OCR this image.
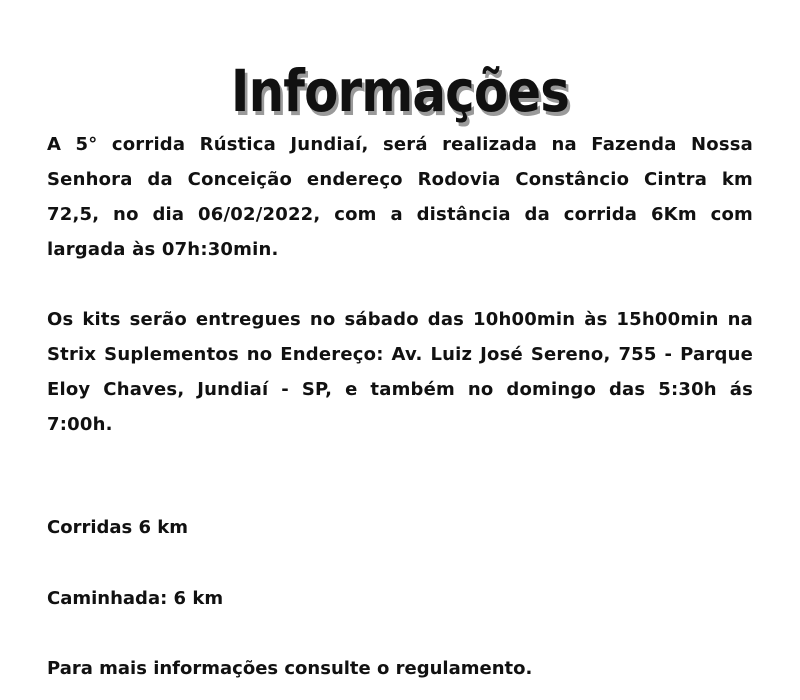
Informações

A 5° corrida Rústica Jundiaí, será realizada na Fazenda Nossa Senhora da Conceição endereço Rodovia Constâncio Cintra km 72,5, no dia 06/02/2022, com a distância da corrida 6Km com largada às 07h:30min.

Os kits serão entregues no sábado das 10h00min às 15h00min na Strix Suplementos no Endereço: Av. Luiz José Sereno, 755 - Parque Eloy Chaves, Jundiaí - SP, e também no domingo das 5:30h ás 7:00h.

Corridas 6 km
Caminhada: 6 km
Para mais informações consulte o regulamento.
